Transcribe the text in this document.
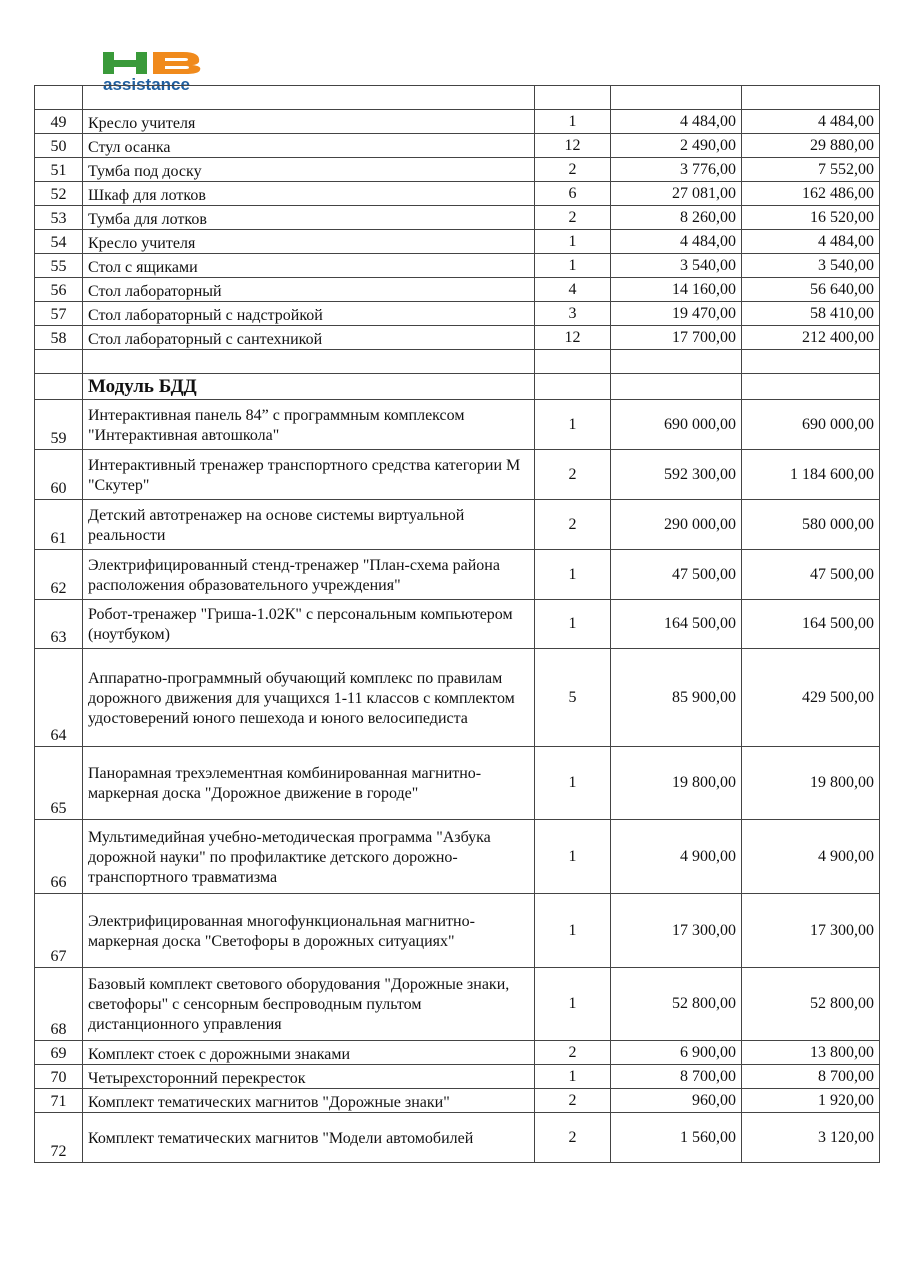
assistance

49	Кресло учителя	1	4 484,00	4 484,00
50	Стул осанка	12	2 490,00	29 880,00
51	Тумба под доску	2	3 776,00	7 552,00
52	Шкаф для лотков	6	27 081,00	162 486,00
53	Тумба для лотков	2	8 260,00	16 520,00
54	Кресло учителя	1	4 484,00	4 484,00
55	Стол с ящиками	1	3 540,00	3 540,00
56	Стол лабораторный	4	14 160,00	56 640,00
57	Стол лабораторный с надстройкой	3	19 470,00	58 410,00
58	Стол лабораторный с сантехникой	12	17 700,00	212 400,00

	Модуль БДД			
59	Интерактивная панель 84” с программным комплексом "Интерактивная автошкола"	1	690 000,00	690 000,00
60	Интерактивный тренажер транспортного средства категории М "Скутер"	2	592 300,00	1 184 600,00
61	Детский автотренажер на основе системы виртуальной реальности	2	290 000,00	580 000,00
62	Электрифицированный стенд-тренажер "План-схема района расположения образовательного учреждения"	1	47 500,00	47 500,00
63	Робот-тренажер "Гриша-1.02К" с персональным компьютером (ноутбуком)	1	164 500,00	164 500,00
64	Аппаратно-программный обучающий комплекс по правилам дорожного движения для учащихся 1-11 классов с комплектом удостоверений юного пешехода и юного велосипедиста	5	85 900,00	429 500,00
65	Панорамная трехэлементная комбинированная магнитно-маркерная доска "Дорожное движение в городе"	1	19 800,00	19 800,00
66	Мультимедийная учебно-методическая программа "Азбука дорожной науки" по профилактике детского дорожно-транспортного травматизма	1	4 900,00	4 900,00
67	Электрифицированная многофункциональная магнитно-маркерная доска "Светофоры в дорожных ситуациях"	1	17 300,00	17 300,00
68	Базовый комплект светового оборудования "Дорожные знаки, светофоры" с сенсорным беспроводным пультом дистанционного управления	1	52 800,00	52 800,00
69	Комплект стоек с дорожными знаками	2	6 900,00	13 800,00
70	Четырехсторонний перекресток	1	8 700,00	8 700,00
71	Комплект тематических магнитов "Дорожные знаки"	2	960,00	1 920,00
72	Комплект тематических магнитов "Модели автомобилей	2	1 560,00	3 120,00
